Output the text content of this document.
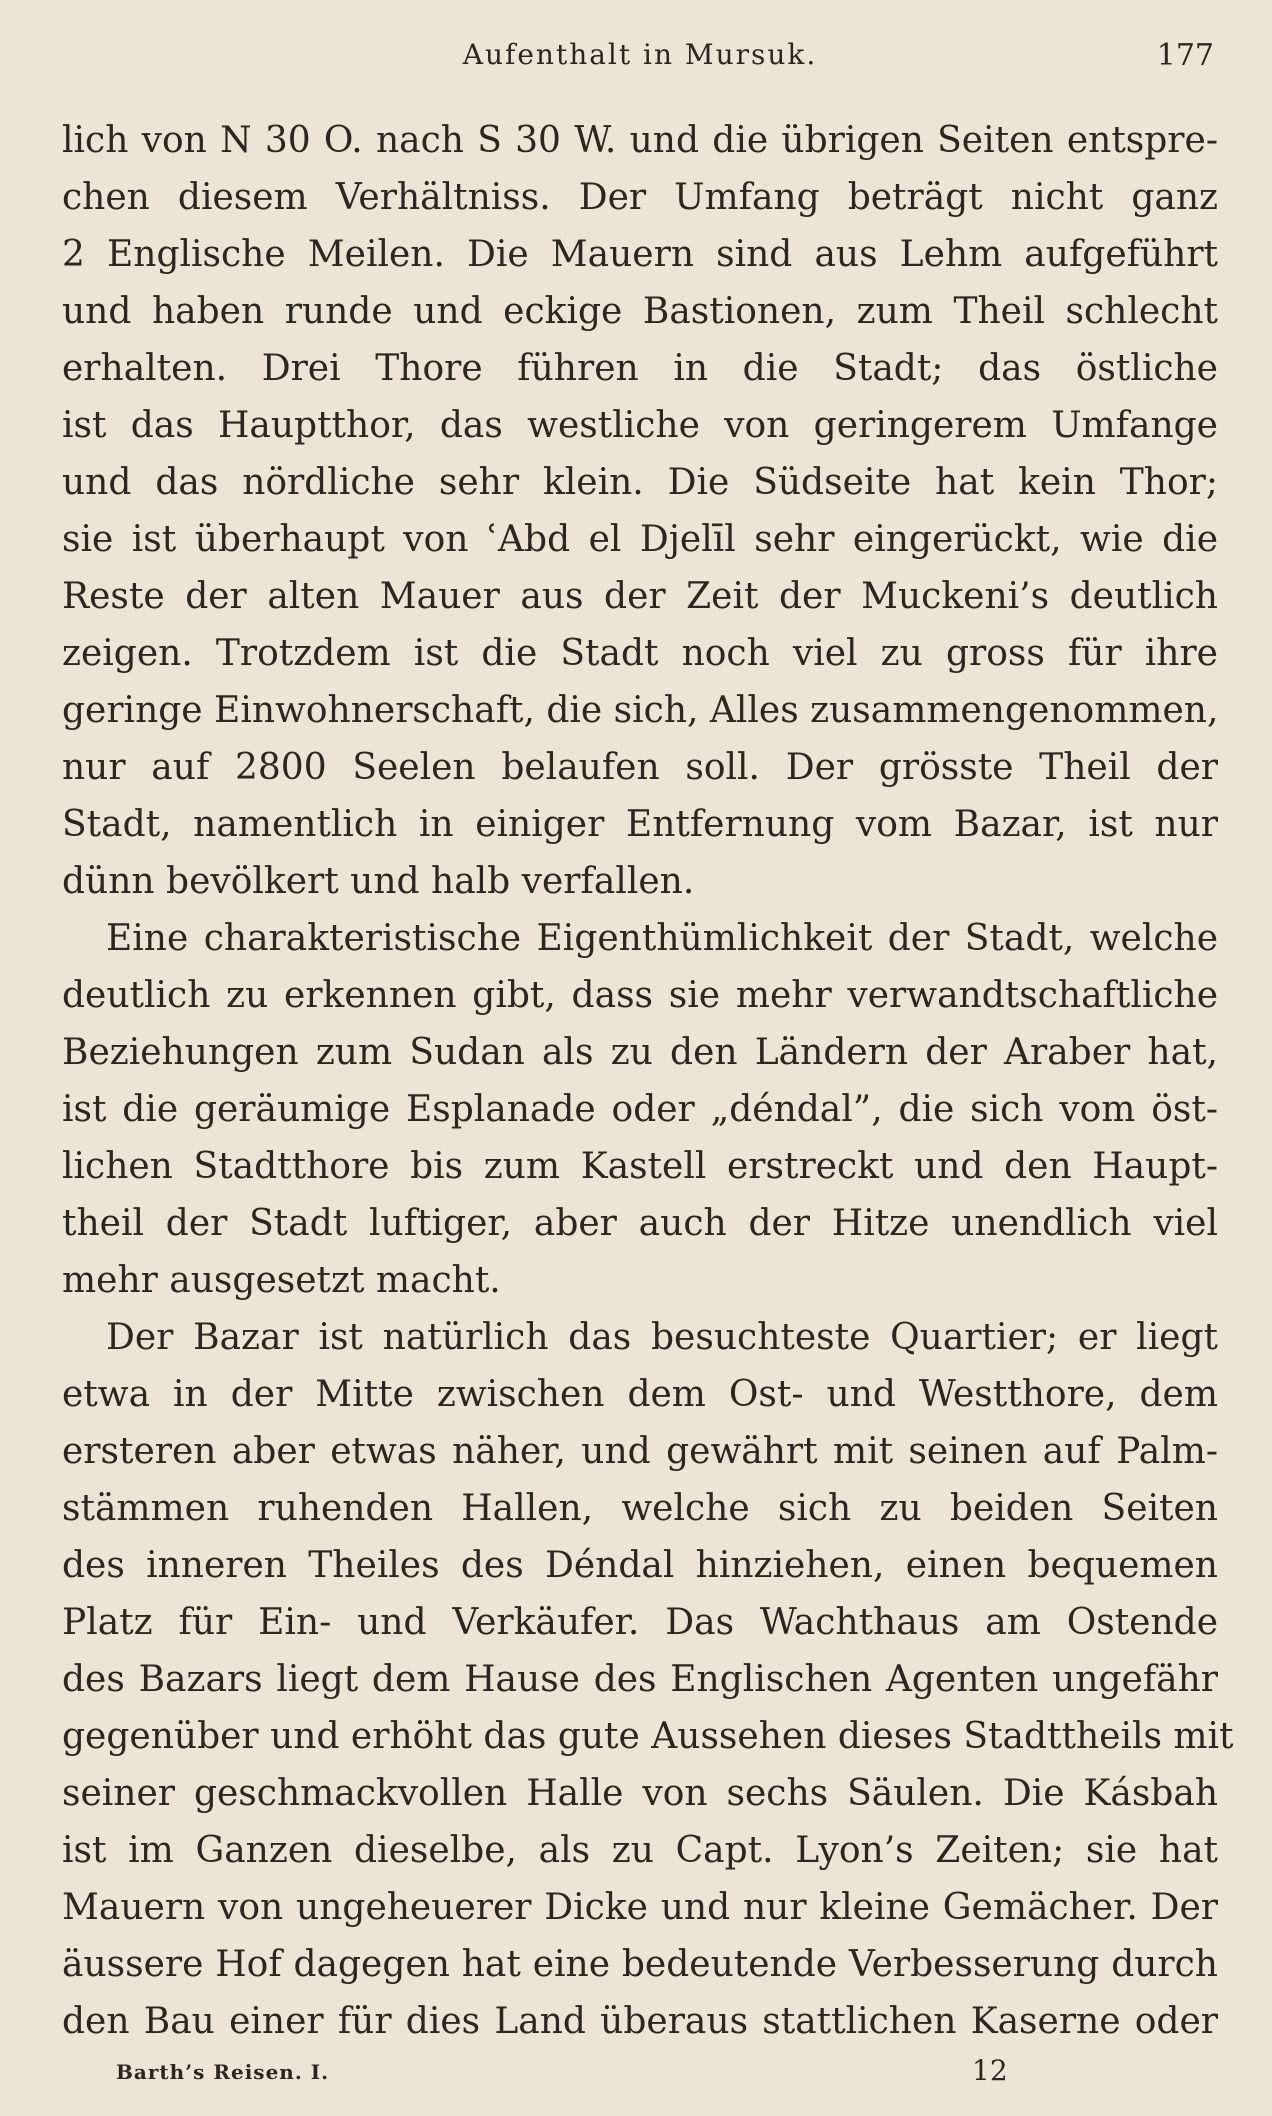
Aufenthalt in Mursuk.	177
lich von N 30 O. nach S 30 W. und die übrigen Seiten entspre-
chen diesem Verhältniss. Der Umfang beträgt nicht ganz
2 Englische Meilen. Die Mauern sind aus Lehm aufgeführt
und haben runde und eckige Bastionen, zum Theil schlecht
erhalten. Drei Thore führen in die Stadt; das östliche
ist das Hauptthor, das westliche von geringerem Umfange
und das nördliche sehr klein. Die Südseite hat kein Thor;
sie ist überhaupt von ʿAbd el Djelīl sehr eingerückt, wie die
Reste der alten Mauer aus der Zeit der Muckeni’s deutlich
zeigen. Trotzdem ist die Stadt noch viel zu gross für ihre
geringe Einwohnerschaft, die sich, Alles zusammengenommen,
nur auf 2800 Seelen belaufen soll. Der grösste Theil der
Stadt, namentlich in einiger Entfernung vom Bazar, ist nur
dünn bevölkert und halb verfallen.
Eine charakteristische Eigenthümlichkeit der Stadt, welche
deutlich zu erkennen gibt, dass sie mehr verwandtschaftliche
Beziehungen zum Sudan als zu den Ländern der Araber hat,
ist die geräumige Esplanade oder „déndal”, die sich vom öst-
lichen Stadtthore bis zum Kastell erstreckt und den Haupt-
theil der Stadt luftiger, aber auch der Hitze unendlich viel
mehr ausgesetzt macht.
Der Bazar ist natürlich das besuchteste Quartier; er liegt
etwa in der Mitte zwischen dem Ost- und Westthore, dem
ersteren aber etwas näher, und gewährt mit seinen auf Palm-
stämmen ruhenden Hallen, welche sich zu beiden Seiten
des inneren Theiles des Déndal hinziehen, einen bequemen
Platz für Ein- und Verkäufer. Das Wachthaus am Ostende
des Bazars liegt dem Hause des Englischen Agenten ungefähr
gegenüber und erhöht das gute Aussehen dieses Stadttheils mit
seiner geschmackvollen Halle von sechs Säulen. Die Kásbah
ist im Ganzen dieselbe, als zu Capt. Lyon’s Zeiten; sie hat
Mauern von ungeheuerer Dicke und nur kleine Gemächer. Der
äussere Hof dagegen hat eine bedeutende Verbesserung durch
den Bau einer für dies Land überaus stattlichen Kaserne oder
Barth’s Reisen. I.	12
